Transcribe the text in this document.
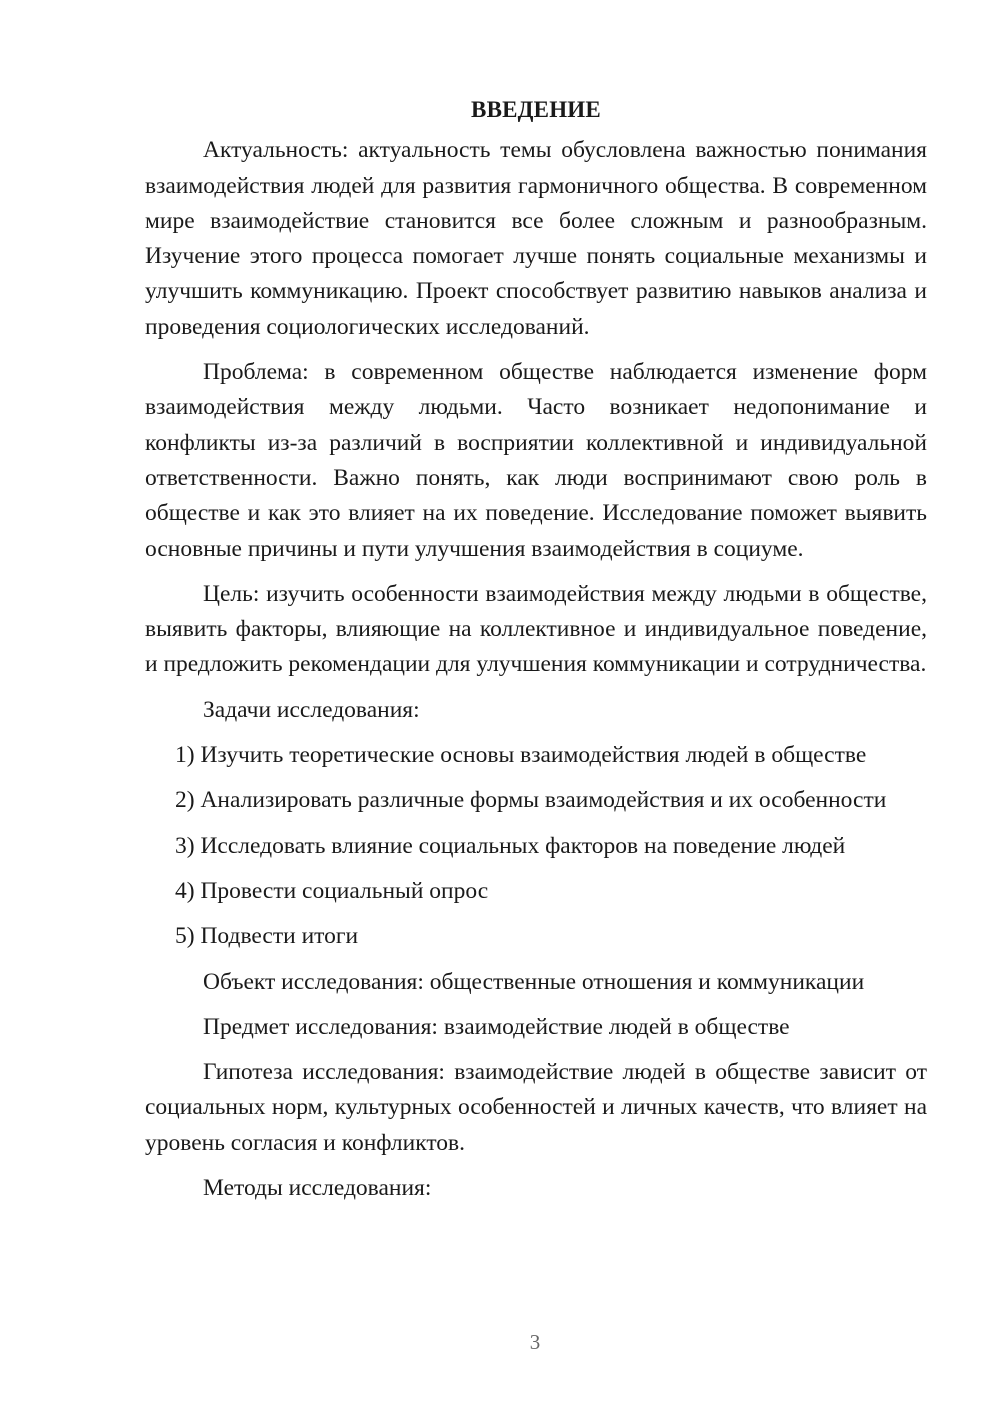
ВВЕДЕНИЕ

Актуальность: актуальность темы обусловлена важностью понимания взаимодействия людей для развития гармоничного общества. В современном мире взаимодействие становится все более сложным и разнообразным. Изучение этого процесса помогает лучше понять социальные механизмы и улучшить коммуникацию. Проект способствует развитию навыков анализа и проведения социологических исследований.

Проблема: в современном обществе наблюдается изменение форм взаимодействия между людьми. Часто возникает недопонимание и конфликты из-за различий в восприятии коллективной и индивидуальной ответственности. Важно понять, как люди воспринимают свою роль в обществе и как это влияет на их поведение. Исследование поможет выявить основные причины и пути улучшения взаимодействия в социуме.

Цель: изучить особенности взаимодействия между людьми в обществе, выявить факторы, влияющие на коллективное и индивидуальное поведение, и предложить рекомендации для улучшения коммуникации и сотрудничества.

Задачи исследования:
1) Изучить теоретические основы взаимодействия людей в обществе
2) Анализировать различные формы взаимодействия и их особенности
3) Исследовать влияние социальных факторов на поведение людей
4) Провести социальный опрос
5) Подвести итоги
Объект исследования: общественные отношения и коммуникации
Предмет исследования: взаимодействие людей в обществе

Гипотеза исследования: взаимодействие людей в обществе зависит от социальных норм, культурных особенностей и личных качеств, что влияет на уровень согласия и конфликтов.

Методы исследования:
3
